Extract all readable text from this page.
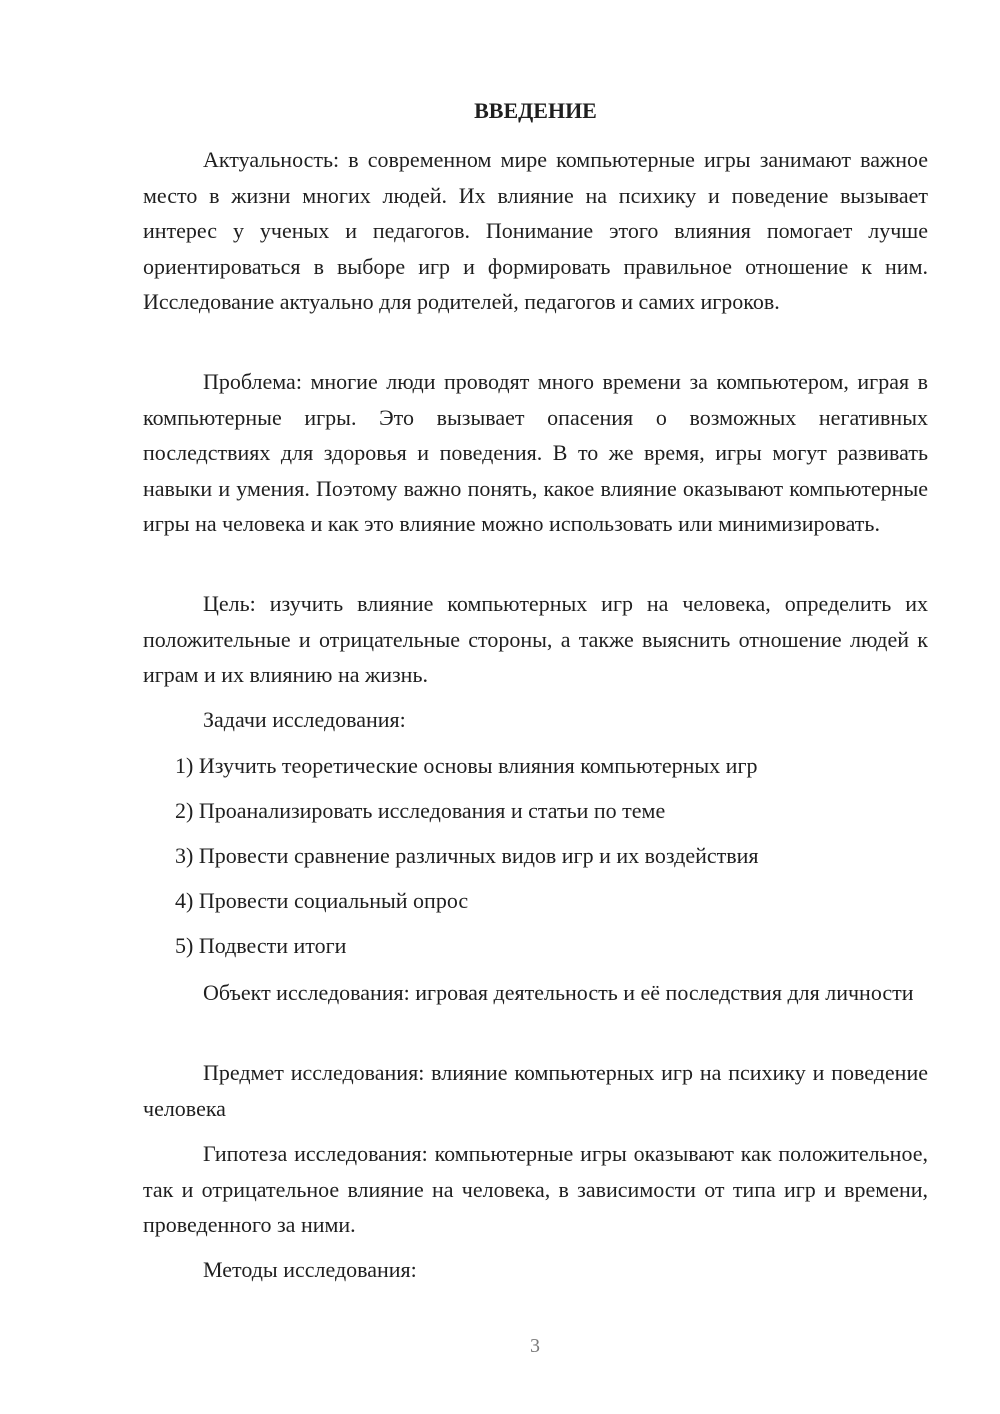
ВВЕДЕНИЕ

Актуальность: в современном мире компьютерные игры занимают важное место в жизни многих людей. Их влияние на психику и поведение вызывает интерес у ученых и педагогов. Понимание этого влияния помогает лучше ориентироваться в выборе игр и формировать правильное отношение к ним. Исследование актуально для родителей, педагогов и самих игроков.

Проблема: многие люди проводят много времени за компьютером, играя в компьютерные игры. Это вызывает опасения о возможных негативных последствиях для здоровья и поведения. В то же время, игры могут развивать навыки и умения. Поэтому важно понять, какое влияние оказывают компьютерные игры на человека и как это влияние можно использовать или минимизировать.

Цель: изучить влияние компьютерных игр на человека, определить их положительные и отрицательные стороны, а также выяснить отношение людей к играм и их влиянию на жизнь.

Задачи исследования:

1) Изучить теоретические основы влияния компьютерных игр

2) Проанализировать исследования и статьи по теме

3) Провести сравнение различных видов игр и их воздействия

4) Провести социальный опрос

5) Подвести итоги

Объект исследования: игровая деятельность и её последствия для личности

Предмет исследования: влияние компьютерных игр на психику и поведение человека

Гипотеза исследования: компьютерные игры оказывают как положительное, так и отрицательное влияние на человека, в зависимости от типа игр и времени, проведенного за ними.

Методы исследования:

3
